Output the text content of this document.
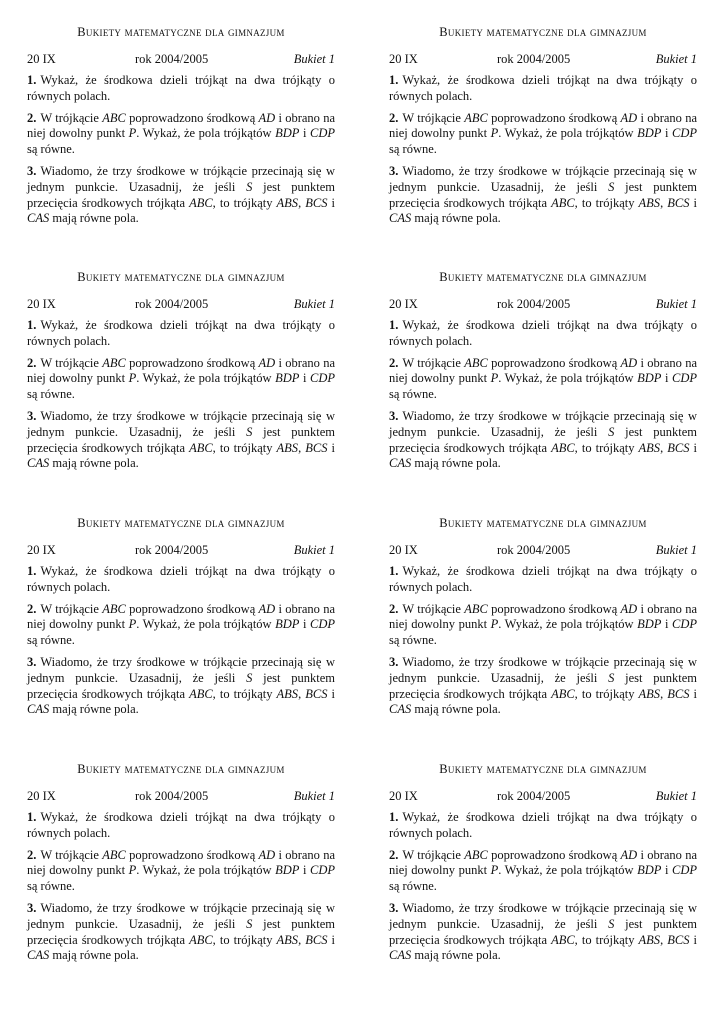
Bukiety matematyczne dla gimnazjum
20 IX	rok 2004/2005	Bukiet 1
1. Wykaż, że środkowa dzieli trójkąt na dwa trójkąty o równych polach.
2. W trójkącie ABC poprowadzono środkową AD i obrano na niej dowolny punkt P. Wykaż, że pola trójkątów BDP i CDP są równe.
3. Wiadomo, że trzy środkowe w trójkącie przecinają się w jednym punkcie. Uzasadnij, że jeśli S jest punktem przecięcia środkowych trójkąta ABC, to trójkąty ABS, BCS i CAS mają równe pola.
Bukiety matematyczne dla gimnazjum
20 IX	rok 2004/2005	Bukiet 1
1. Wykaż, że środkowa dzieli trójkąt na dwa trójkąty o równych polach.
2. W trójkącie ABC poprowadzono środkową AD i obrano na niej dowolny punkt P. Wykaż, że pola trójkątów BDP i CDP są równe.
3. Wiadomo, że trzy środkowe w trójkącie przecinają się w jednym punkcie. Uzasadnij, że jeśli S jest punktem przecięcia środkowych trójkąta ABC, to trójkąty ABS, BCS i CAS mają równe pola.
Bukiety matematyczne dla gimnazjum
20 IX	rok 2004/2005	Bukiet 1
1. Wykaż, że środkowa dzieli trójkąt na dwa trójkąty o równych polach.
2. W trójkącie ABC poprowadzono środkową AD i obrano na niej dowolny punkt P. Wykaż, że pola trójkątów BDP i CDP są równe.
3. Wiadomo, że trzy środkowe w trójkącie przecinają się w jednym punkcie. Uzasadnij, że jeśli S jest punktem przecięcia środkowych trójkąta ABC, to trójkąty ABS, BCS i CAS mają równe pola.
Bukiety matematyczne dla gimnazjum
20 IX	rok 2004/2005	Bukiet 1
1. Wykaż, że środkowa dzieli trójkąt na dwa trójkąty o równych polach.
2. W trójkącie ABC poprowadzono środkową AD i obrano na niej dowolny punkt P. Wykaż, że pola trójkątów BDP i CDP są równe.
3. Wiadomo, że trzy środkowe w trójkącie przecinają się w jednym punkcie. Uzasadnij, że jeśli S jest punktem przecięcia środkowych trójkąta ABC, to trójkąty ABS, BCS i CAS mają równe pola.
Bukiety matematyczne dla gimnazjum
20 IX	rok 2004/2005	Bukiet 1
1. Wykaż, że środkowa dzieli trójkąt na dwa trójkąty o równych polach.
2. W trójkącie ABC poprowadzono środkową AD i obrano na niej dowolny punkt P. Wykaż, że pola trójkątów BDP i CDP są równe.
3. Wiadomo, że trzy środkowe w trójkącie przecinają się w jednym punkcie. Uzasadnij, że jeśli S jest punktem przecięcia środkowych trójkąta ABC, to trójkąty ABS, BCS i CAS mają równe pola.
Bukiety matematyczne dla gimnazjum
20 IX	rok 2004/2005	Bukiet 1
1. Wykaż, że środkowa dzieli trójkąt na dwa trójkąty o równych polach.
2. W trójkącie ABC poprowadzono środkową AD i obrano na niej dowolny punkt P. Wykaż, że pola trójkątów BDP i CDP są równe.
3. Wiadomo, że trzy środkowe w trójkącie przecinają się w jednym punkcie. Uzasadnij, że jeśli S jest punktem przecięcia środkowych trójkąta ABC, to trójkąty ABS, BCS i CAS mają równe pola.
Bukiety matematyczne dla gimnazjum
20 IX	rok 2004/2005	Bukiet 1
1. Wykaż, że środkowa dzieli trójkąt na dwa trójkąty o równych polach.
2. W trójkącie ABC poprowadzono środkową AD i obrano na niej dowolny punkt P. Wykaż, że pola trójkątów BDP i CDP są równe.
3. Wiadomo, że trzy środkowe w trójkącie przecinają się w jednym punkcie. Uzasadnij, że jeśli S jest punktem przecięcia środkowych trójkąta ABC, to trójkąty ABS, BCS i CAS mają równe pola.
Bukiety matematyczne dla gimnazjum
20 IX	rok 2004/2005	Bukiet 1
1. Wykaż, że środkowa dzieli trójkąt na dwa trójkąty o równych polach.
2. W trójkącie ABC poprowadzono środkową AD i obrano na niej dowolny punkt P. Wykaż, że pola trójkątów BDP i CDP są równe.
3. Wiadomo, że trzy środkowe w trójkącie przecinają się w jednym punkcie. Uzasadnij, że jeśli S jest punktem przecięcia środkowych trójkąta ABC, to trójkąty ABS, BCS i CAS mają równe pola.
